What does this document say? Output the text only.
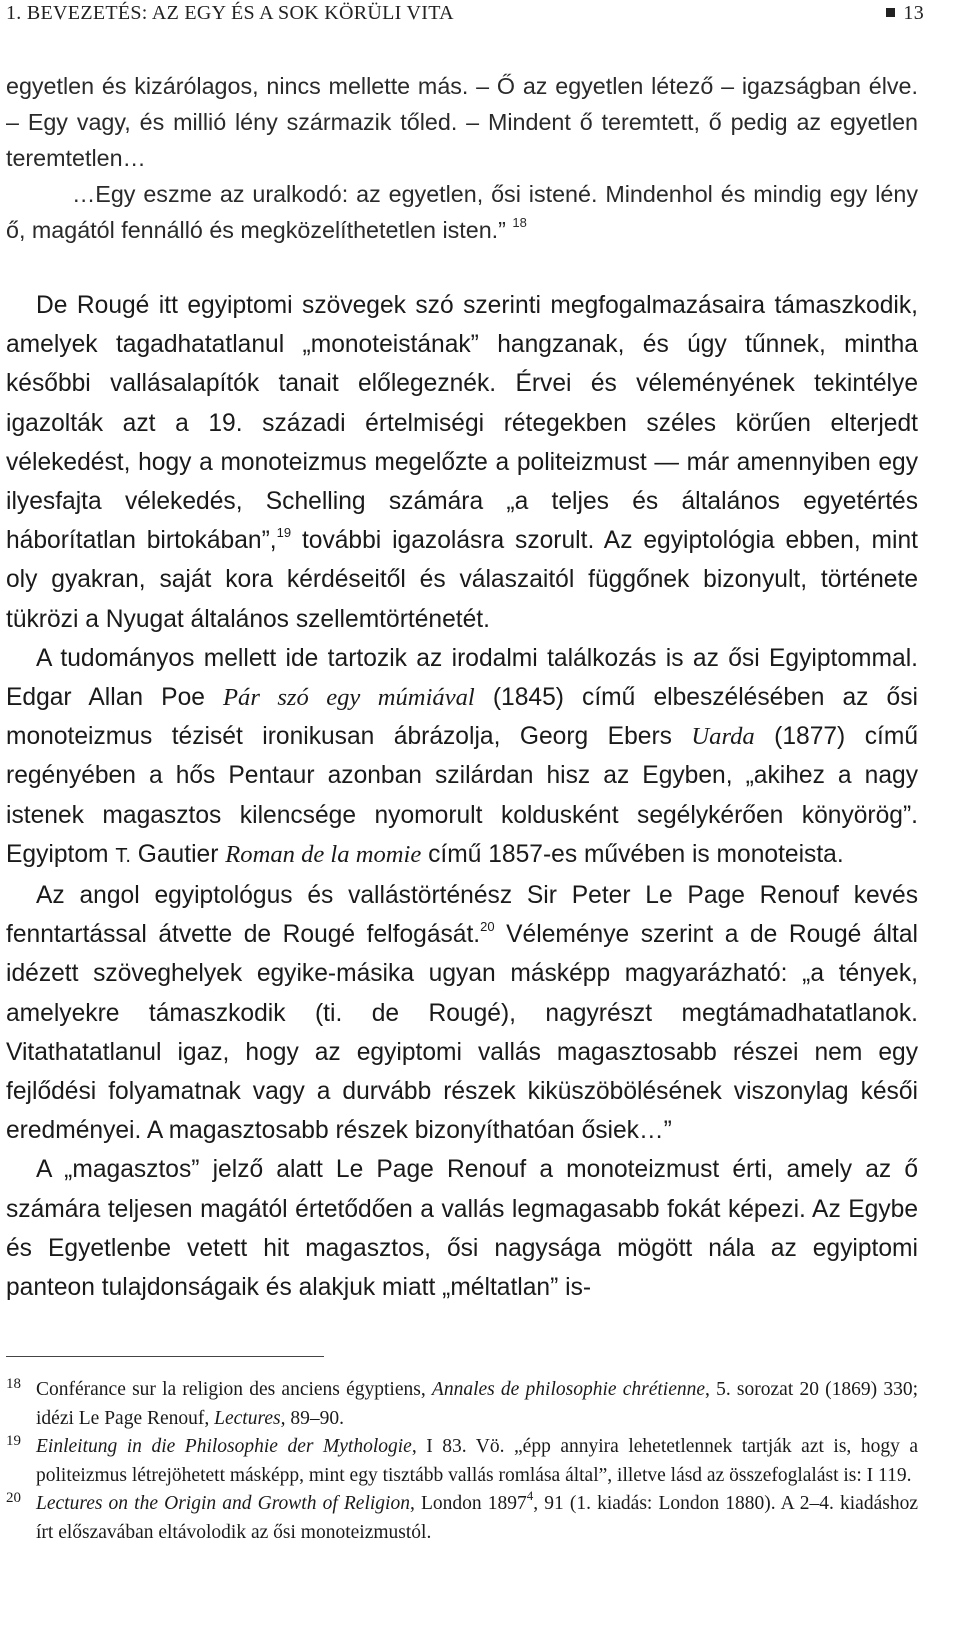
1. BEVEZETÉS: AZ EGY ÉS A SOK KÖRÜLI VITA	13

egyetlen és kizárólagos, nincs mellette más. – Ő az egyetlen létező – igazságban élve. – Egy vagy, és millió lény származik tőled. – Mindent ő teremtett, ő pedig az egyetlen teremtetlen…

…Egy eszme az uralkodó: az egyetlen, ősi istené. Mindenhol és mindig egy lény ő, magától fennálló és megközelíthetetlen isten.” $^{18}$

De Rougé itt egyiptomi szövegek szó szerinti megfogalmazásaira támaszkodik, amelyek tagadhatatlanul „monoteistának” hangzanak, és úgy tűnnek, mintha későbbi vallásalapítók tanait előlegeznék. Érvei és véleményének tekintélye igazolták azt a 19. századi értelmiségi rétegekben széles körűen elterjedt vélekedést, hogy a monoteizmus megelőzte a politeizmust — már amennyiben egy ilyesfajta vélekedés, Schelling számára „a teljes és általános egyetértés háborítatlan birtokában”,$^{19}$ további igazolásra szorult. Az egyiptológia ebben, mint oly gyakran, saját kora kérdéseitől és válaszaitól függőnek bizonyult, története tükrözi a Nyugat általános szellemtörténetét.

A tudományos mellett ide tartozik az irodalmi találkozás is az ősi Egyiptommal. Edgar Allan Poe Pár szó egy múmiával (1845) című elbeszélésében az ősi monoteizmus tézisét ironikusan ábrázolja, Georg Ebers Uarda (1877) című regényében a hős Pentaur azonban szilárdan hisz az Egyben, „akihez a nagy istenek magasztos kilencsége nyomorult koldusként segélykérően könyörög”. Egyiptom T. Gautier Roman de la momie című 1857-es művében is monoteista.

Az angol egyiptológus és vallástörténész Sir Peter Le Page Renouf kevés fenntartással átvette de Rougé felfogását.$^{20}$ Véleménye szerint a de Rougé által idézett szöveghelyek egyike-másika ugyan másképp magyarázható: „a tények, amelyekre támaszkodik (ti. de Rougé), nagyrészt megtámadhatatlanok. Vitathatatlanul igaz, hogy az egyiptomi vallás magasztosabb részei nem egy fejlődési folyamatnak vagy a durvább részek kiküszöbölésének viszonylag késői eredményei. A magasztosabb részek bizonyíthatóan ősiek…”

A „magasztos” jelző alatt Le Page Renouf a monoteizmust érti, amely az ő számára teljesen magától értetődően a vallás legmagasabb fokát képezi. Az Egybe és Egyetlenbe vetett hit magasztos, ősi nagysága mögött nála az egyiptomi panteon tulajdonságaik és alakjuk miatt „méltatlan” is-

18 Conférance sur la religion des anciens égyptiens, Annales de philosophie chrétienne, 5. sorozat 20 (1869) 330; idézi Le Page Renouf, Lectures, 89–90.

19 Einleitung in die Philosophie der Mythologie, I 83. Vö. „épp annyira lehetetlennek tartják azt is, hogy a politeizmus létrejöhetett másképp, mint egy tisztább vallás romlása által”, illetve lásd az összefoglalást is: I 119.

20 Lectures on the Origin and Growth of Religion, London 1897$^4$, 91 (1. kiadás: London 1880). A 2–4. kiadáshoz írt előszavában eltávolodik az ősi monoteizmustól.
